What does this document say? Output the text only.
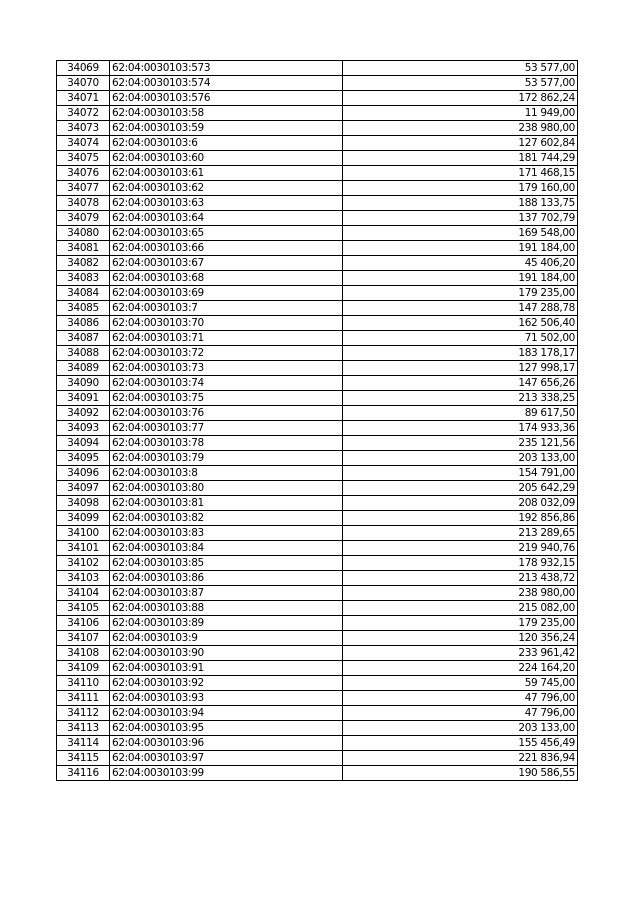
34069	62:04:0030103:573	53 577,00
34070	62:04:0030103:574	53 577,00
34071	62:04:0030103:576	172 862,24
34072	62:04:0030103:58	11 949,00
34073	62:04:0030103:59	238 980,00
34074	62:04:0030103:6	127 602,84
34075	62:04:0030103:60	181 744,29
34076	62:04:0030103:61	171 468,15
34077	62:04:0030103:62	179 160,00
34078	62:04:0030103:63	188 133,75
34079	62:04:0030103:64	137 702,79
34080	62:04:0030103:65	169 548,00
34081	62:04:0030103:66	191 184,00
34082	62:04:0030103:67	45 406,20
34083	62:04:0030103:68	191 184,00
34084	62:04:0030103:69	179 235,00
34085	62:04:0030103:7	147 288,78
34086	62:04:0030103:70	162 506,40
34087	62:04:0030103:71	71 502,00
34088	62:04:0030103:72	183 178,17
34089	62:04:0030103:73	127 998,17
34090	62:04:0030103:74	147 656,26
34091	62:04:0030103:75	213 338,25
34092	62:04:0030103:76	89 617,50
34093	62:04:0030103:77	174 933,36
34094	62:04:0030103:78	235 121,56
34095	62:04:0030103:79	203 133,00
34096	62:04:0030103:8	154 791,00
34097	62:04:0030103:80	205 642,29
34098	62:04:0030103:81	208 032,09
34099	62:04:0030103:82	192 856,86
34100	62:04:0030103:83	213 289,65
34101	62:04:0030103:84	219 940,76
34102	62:04:0030103:85	178 932,15
34103	62:04:0030103:86	213 438,72
34104	62:04:0030103:87	238 980,00
34105	62:04:0030103:88	215 082,00
34106	62:04:0030103:89	179 235,00
34107	62:04:0030103:9	120 356,24
34108	62:04:0030103:90	233 961,42
34109	62:04:0030103:91	224 164,20
34110	62:04:0030103:92	59 745,00
34111	62:04:0030103:93	47 796,00
34112	62:04:0030103:94	47 796,00
34113	62:04:0030103:95	203 133,00
34114	62:04:0030103:96	155 456,49
34115	62:04:0030103:97	221 836,94
34116	62:04:0030103:99	190 586,55
